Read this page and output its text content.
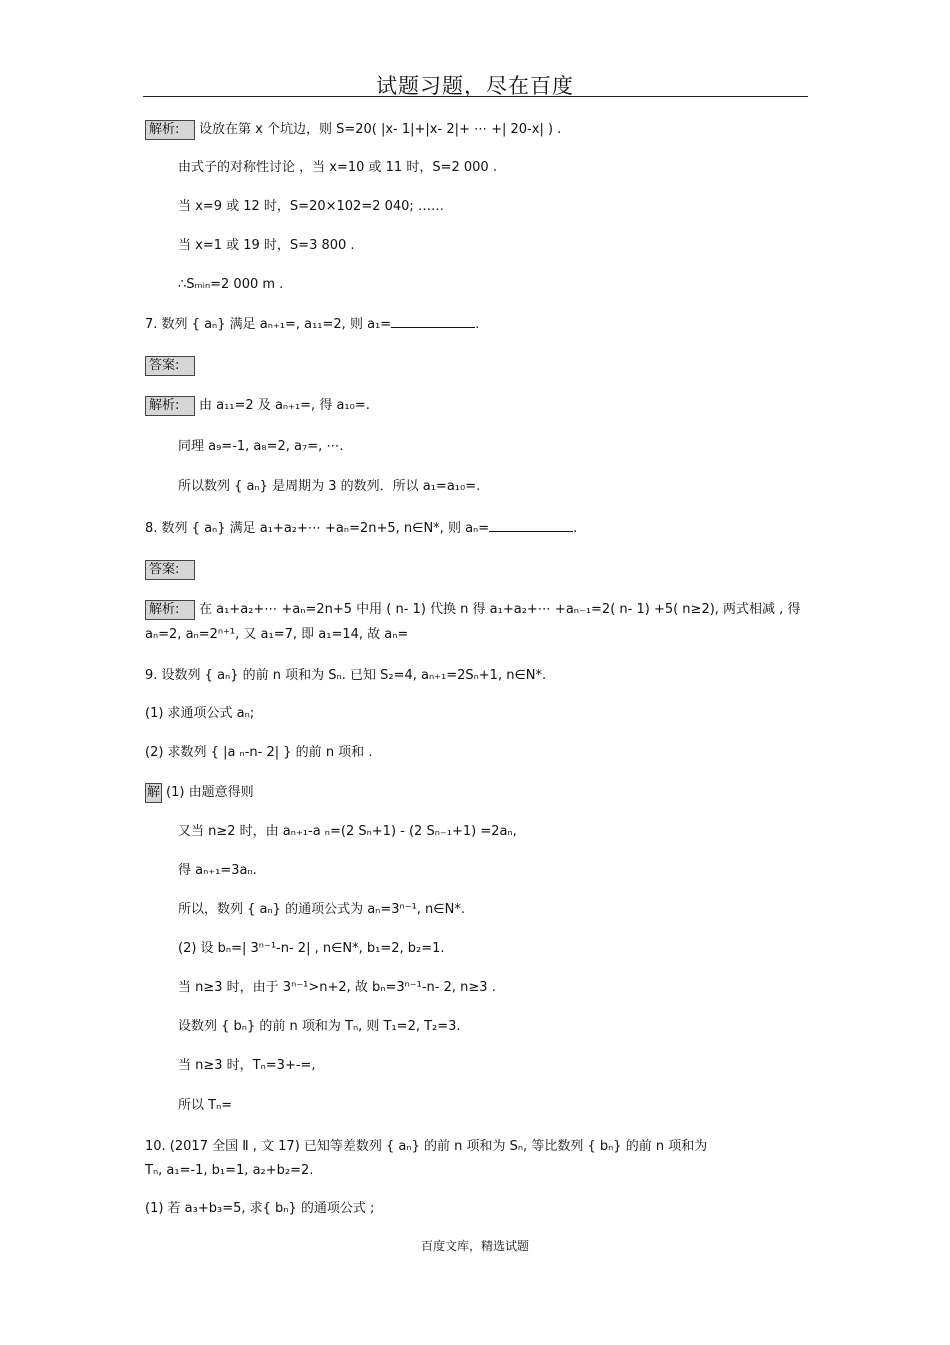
试题习题，尽在百度
解析: 设放在第 x 个坑边，则 S=20( |x- 1|+|x- 2|+ ⋯ +| 20-x| ) .
由式子的对称性讨论 ，当 x=10 或 11 时，S=2 000 .
当 x=9 或 12 时，S=20×102=2 040; ……
当 x=1 或 19 时，S=3 800 .
∴Sₘᵢₙ=2 000 m .
7. 数列 { aₙ} 满足 aₙ₊₁=, a₁₁=2, 则 a₁=	.
答案:
解析: 由 a₁₁=2 及 aₙ₊₁=, 得 a₁₀=.
同理 a₉=-1, a₈=2, a₇=, ⋯.
所以数列 { aₙ} 是周期为 3 的数列．所以 a₁=a₁₀=.
8. 数列 { aₙ} 满足 a₁+a₂+⋯ +aₙ=2n+5, n∈N*, 则 aₙ=	.
答案:
解析: 在 a₁+a₂+⋯ +aₙ=2n+5 中用 ( n- 1) 代换 n 得 a₁+a₂+⋯ +aₙ₋₁=2( n- 1) +5( n≥2), 两式相减 , 得
aₙ=2, aₙ=2ⁿ⁺¹, 又 a₁=7, 即 a₁=14, 故 aₙ=
9. 设数列 { aₙ} 的前 n 项和为 Sₙ. 已知 S₂=4, aₙ₊₁=2Sₙ+1, n∈N*.
(1) 求通项公式 aₙ;
(2) 求数列 { |a ₙ-n- 2| } 的前 n 项和 .
解 (1) 由题意得则
又当 n≥2 时，由 aₙ₊₁-a ₙ=(2 Sₙ+1) - (2 Sₙ₋₁+1) =2aₙ,
得 aₙ₊₁=3aₙ.
所以，数列 { aₙ} 的通项公式为 aₙ=3ⁿ⁻¹, n∈N*.
(2) 设 bₙ=| 3ⁿ⁻¹-n- 2| , n∈N*, b₁=2, b₂=1.
当 n≥3 时，由于 3ⁿ⁻¹>n+2, 故 bₙ=3ⁿ⁻¹-n- 2, n≥3 .
设数列 { bₙ} 的前 n 项和为 Tₙ, 则 T₁=2, T₂=3.
当 n≥3 时，Tₙ=3+-=,
所以 Tₙ=
10. (2017 全国 Ⅱ , 文 17) 已知等差数列 { aₙ} 的前 n 项和为 Sₙ, 等比数列 { bₙ} 的前 n 项和为
Tₙ, a₁=-1, b₁=1, a₂+b₂=2.
(1) 若 a₃+b₃=5, 求{ bₙ} 的通项公式 ;
百度文库，精选试题
